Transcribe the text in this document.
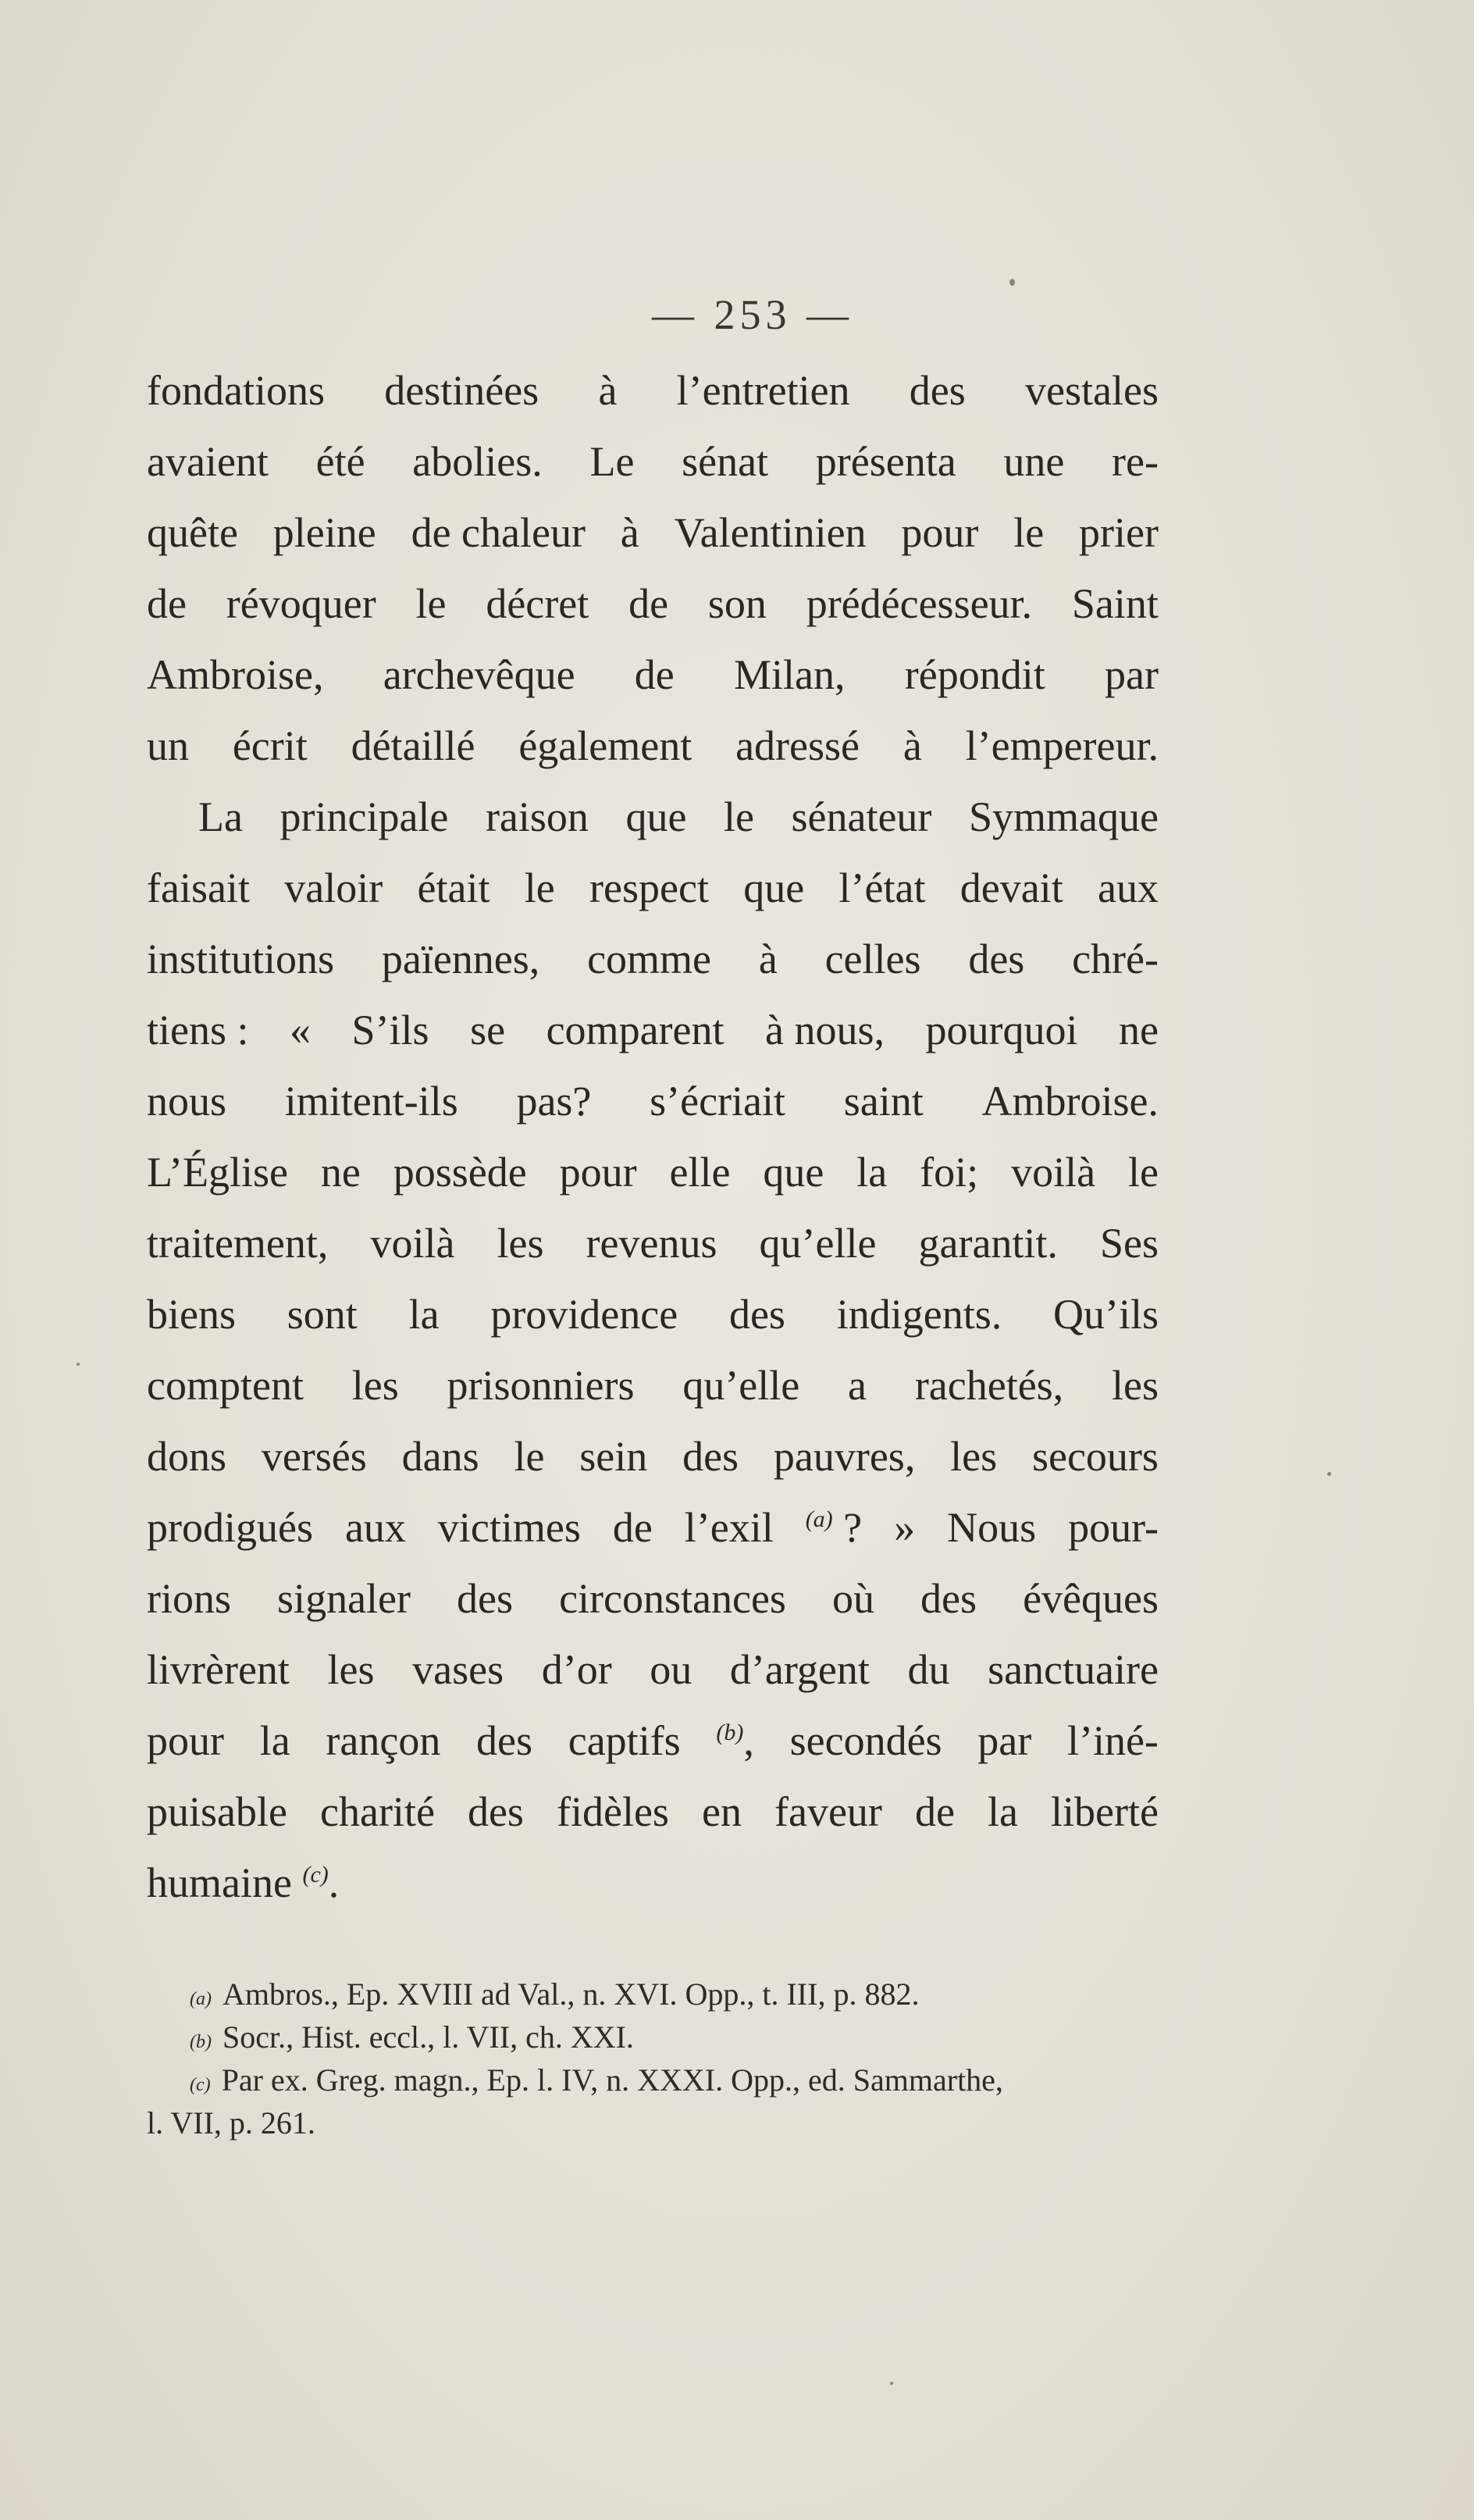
— 253 —
fondations destinées à l’entretien des vestales
avaient été abolies. Le sénat présenta une re-
quête pleine de chaleur à Valentinien pour le prier
de révoquer le décret de son prédécesseur. Saint
Ambroise, archevêque de Milan, répondit par
un écrit détaillé également adressé à l’empereur.
La principale raison que le sénateur Symmaque
faisait valoir était le respect que l’état devait aux
institutions païennes, comme à celles des chré-
tiens : « S’ils se comparent à nous, pourquoi ne
nous imitent-ils pas? s’écriait saint Ambroise.
L’Église ne possède pour elle que la foi; voilà le
traitement, voilà les revenus qu’elle garantit. Ses
biens sont la providence des indigents. Qu’ils
comptent les prisonniers qu’elle a rachetés, les
dons versés dans le sein des pauvres, les secours
prodigués aux victimes de l’exil $^{(a)}$ ? » Nous pour-
rions signaler des circonstances où des évêques
livrèrent les vases d’or ou d’argent du sanctuaire
pour la rançon des captifs $^{(b)}$, secondés par l’iné-
puisable charité des fidèles en faveur de la liberté
humaine
$^{(c)}$.
(a) Ambros., Ep. XVIII ad Val., n. XVI. Opp., t. III, p. 882.
(b) Socr., Hist. eccl., l. VII, ch. XXI.
(c) Par ex. Greg. magn., Ep. l. IV, n. XXXI. Opp., ed. Sammarthe,
l. VII, p. 261.
